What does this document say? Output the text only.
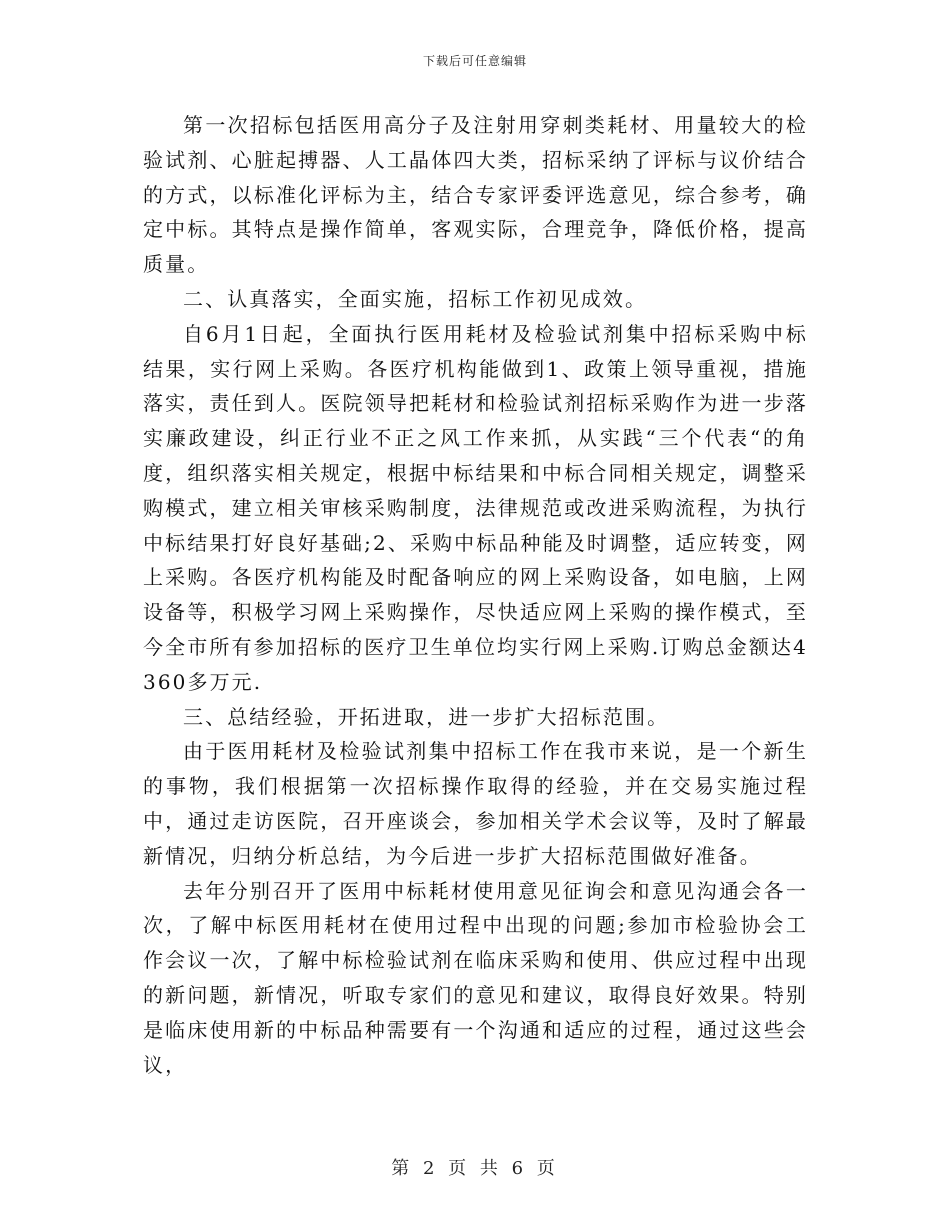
下载后可任意编辑

第一次招标包括医用高分子及注射用穿刺类耗材、用量较大的检验试剂、心脏起搏器、人工晶体四大类，招标采纳了评标与议价结合的方式，以标准化评标为主，结合专家评委评选意见，综合参考，确定中标。其特点是操作简单，客观实际，合理竞争，降低价格，提高质量。

二、认真落实，全面实施，招标工作初见成效。

自6月1日起，全面执行医用耗材及检验试剂集中招标采购中标结果，实行网上采购。各医疗机构能做到1、政策上领导重视，措施落实，责任到人。医院领导把耗材和检验试剂招标采购作为进一步落实廉政建设，纠正行业不正之风工作来抓，从实践“三个代表“的角度，组织落实相关规定，根据中标结果和中标合同相关规定，调整采购模式，建立相关审核采购制度，法律规范或改进采购流程，为执行中标结果打好良好基础;2、采购中标品种能及时调整，适应转变，网上采购。各医疗机构能及时配备响应的网上采购设备，如电脑，上网设备等，积极学习网上采购操作，尽快适应网上采购的操作模式，至今全市所有参加招标的医疗卫生单位均实行网上采购.订购总金额达4360多万元.

三、总结经验，开拓进取，进一步扩大招标范围。

由于医用耗材及检验试剂集中招标工作在我市来说，是一个新生的事物，我们根据第一次招标操作取得的经验，并在交易实施过程中，通过走访医院，召开座谈会，参加相关学术会议等，及时了解最新情况，归纳分析总结，为今后进一步扩大招标范围做好准备。

去年分别召开了医用中标耗材使用意见征询会和意见沟通会各一次，了解中标医用耗材在使用过程中出现的问题;参加市检验协会工作会议一次，了解中标检验试剂在临床采购和使用、供应过程中出现的新问题，新情况，听取专家们的意见和建议，取得良好效果。特别是临床使用新的中标品种需要有一个沟通和适应的过程，通过这些会议，

第 2 页 共 6 页
